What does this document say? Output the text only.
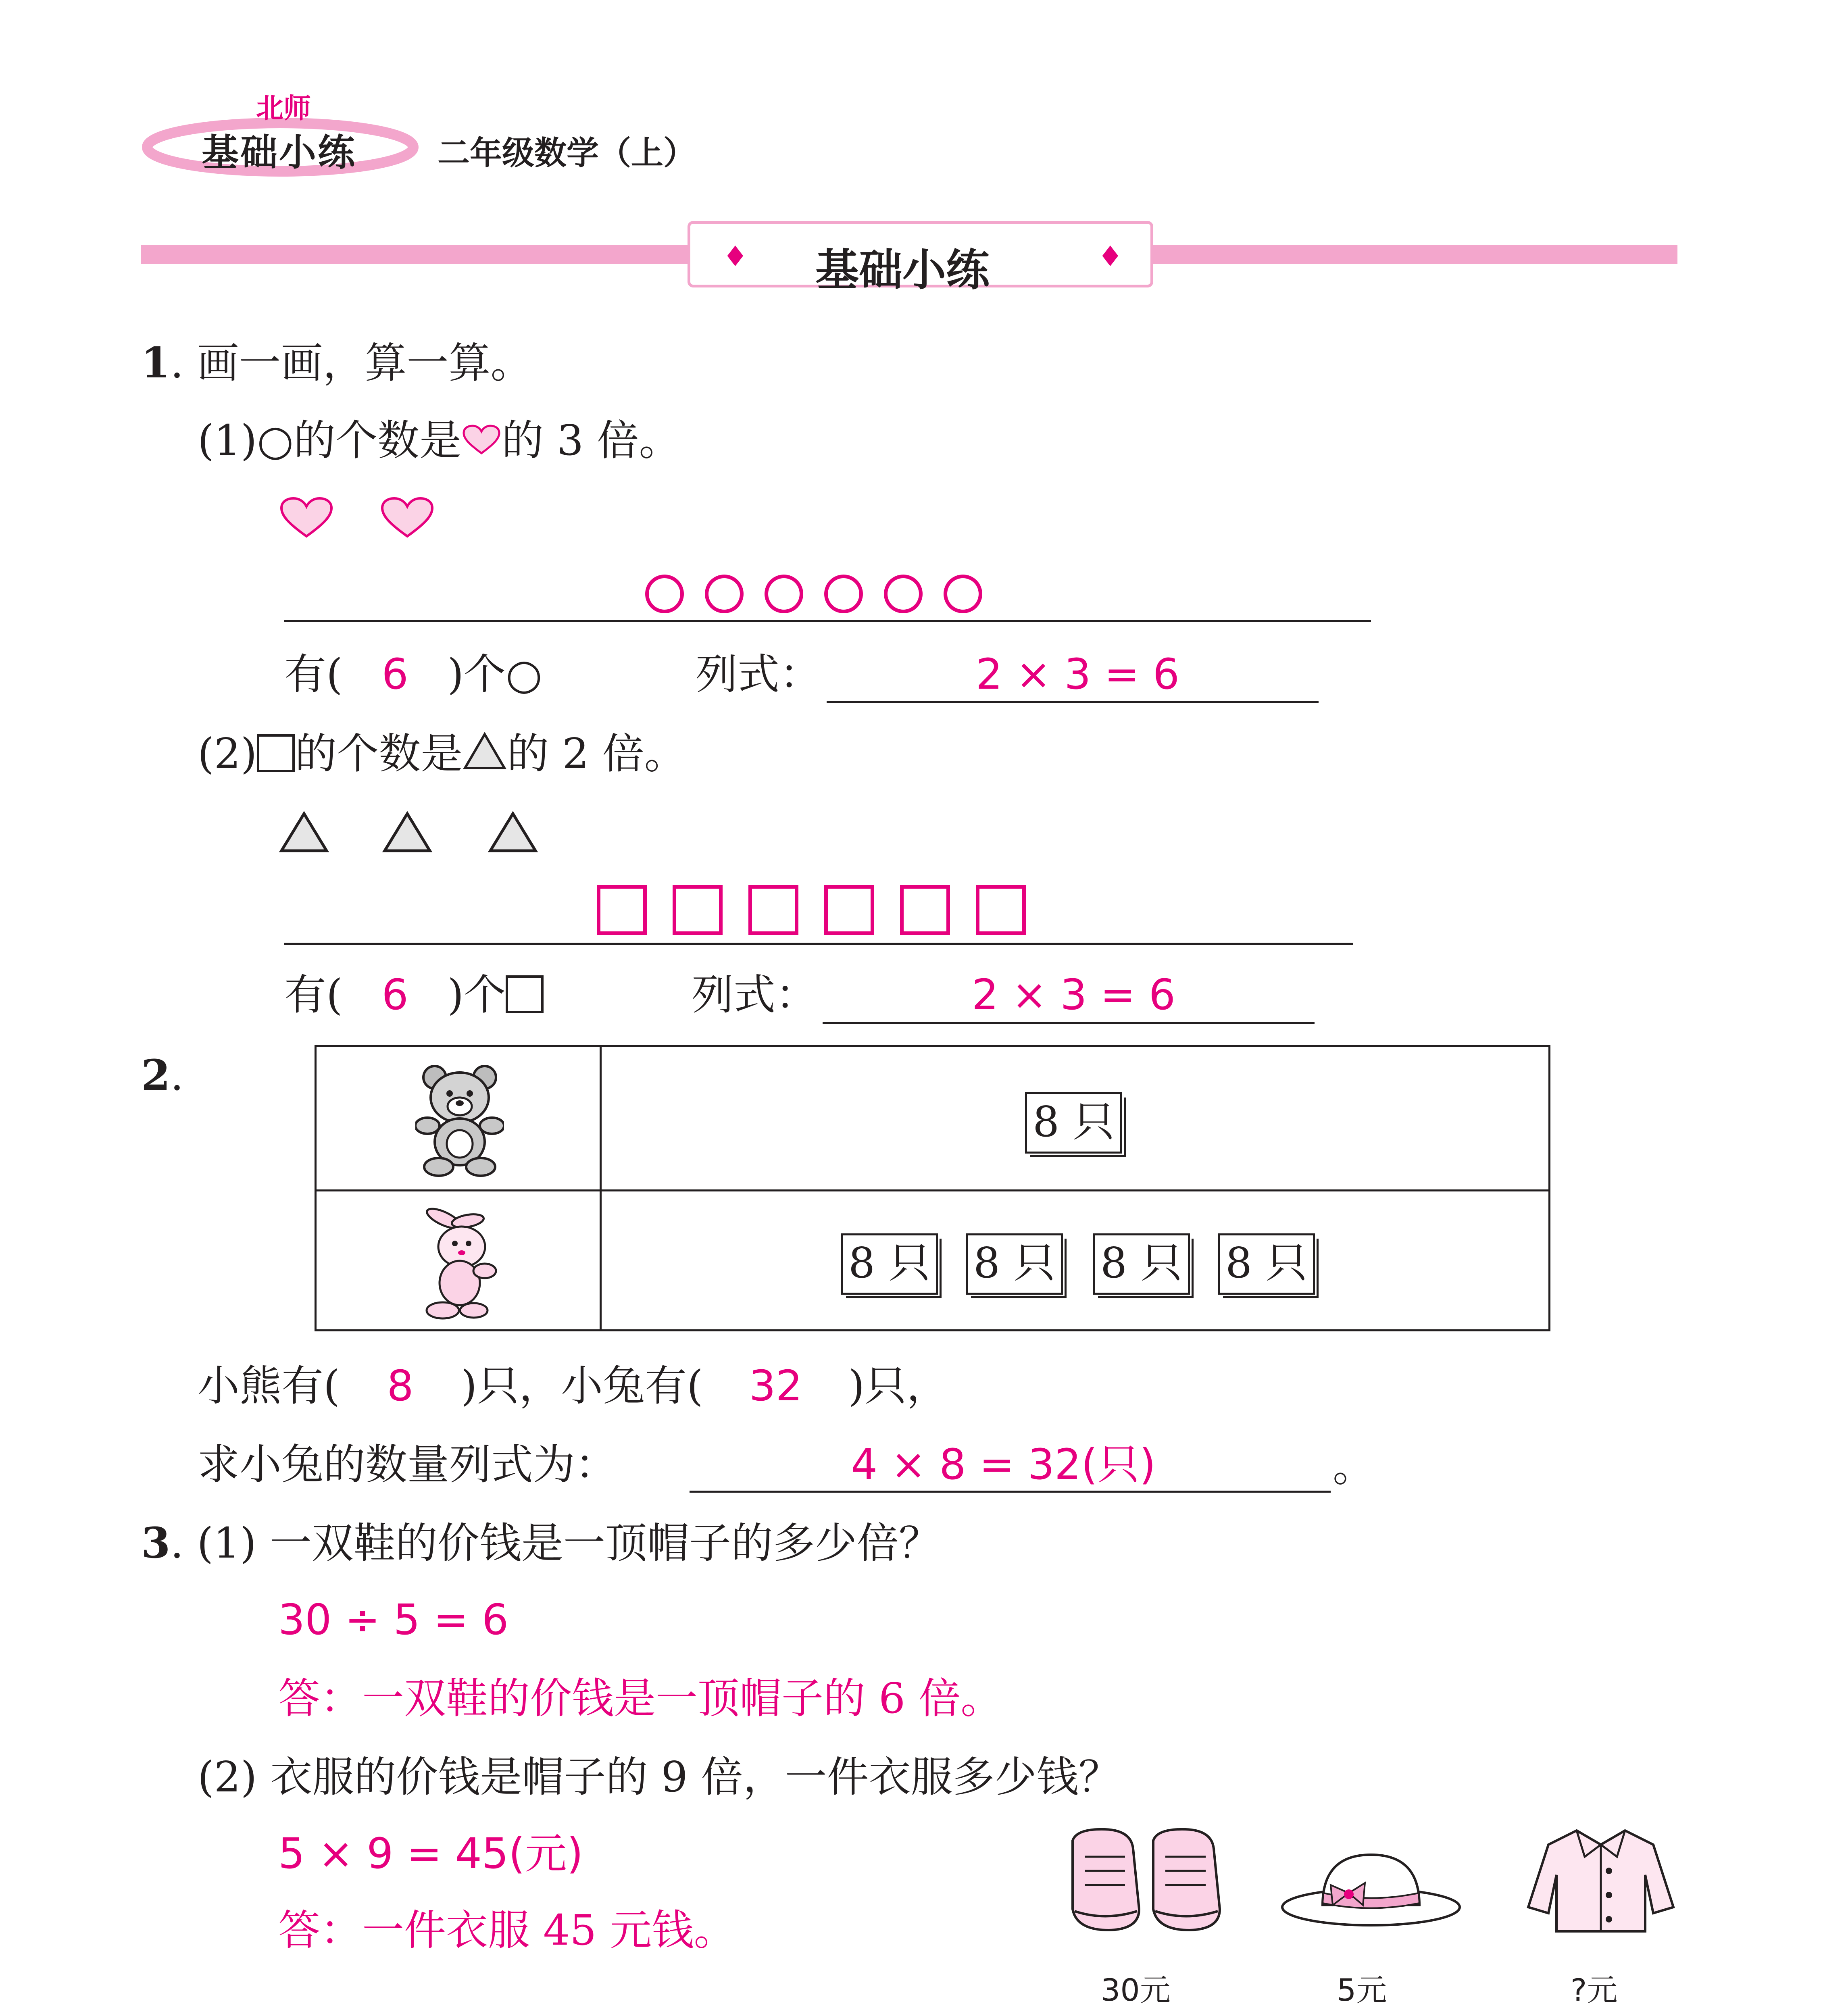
北师
基础小练	二年级数学（上）
♦ 基础小练	♦
1. 画一画，算一算。
(1)○的个数是 的 3 倍。
有( 6 )个○	列式：	2 × 3 = 6
(2) 的个数是 的 2 倍。
有( 6 )个	列式：	2 × 3 = 6
2.
8 只
8 只 8 只 8 只 8 只
小熊有( 8 )只，小兔有( 32 )只，
求小兔的数量列式为：	4 × 8 = 32(只)	。
3. (1) 一双鞋的价钱是一顶帽子的多少倍？
30 ÷ 5 = 6
答：一双鞋的价钱是一顶帽子的 6 倍。
(2) 衣服的价钱是帽子的 9 倍，一件衣服多少钱？
5 × 9 = 45(元)
答：一件衣服 45 元钱。
30元	5元	?元
